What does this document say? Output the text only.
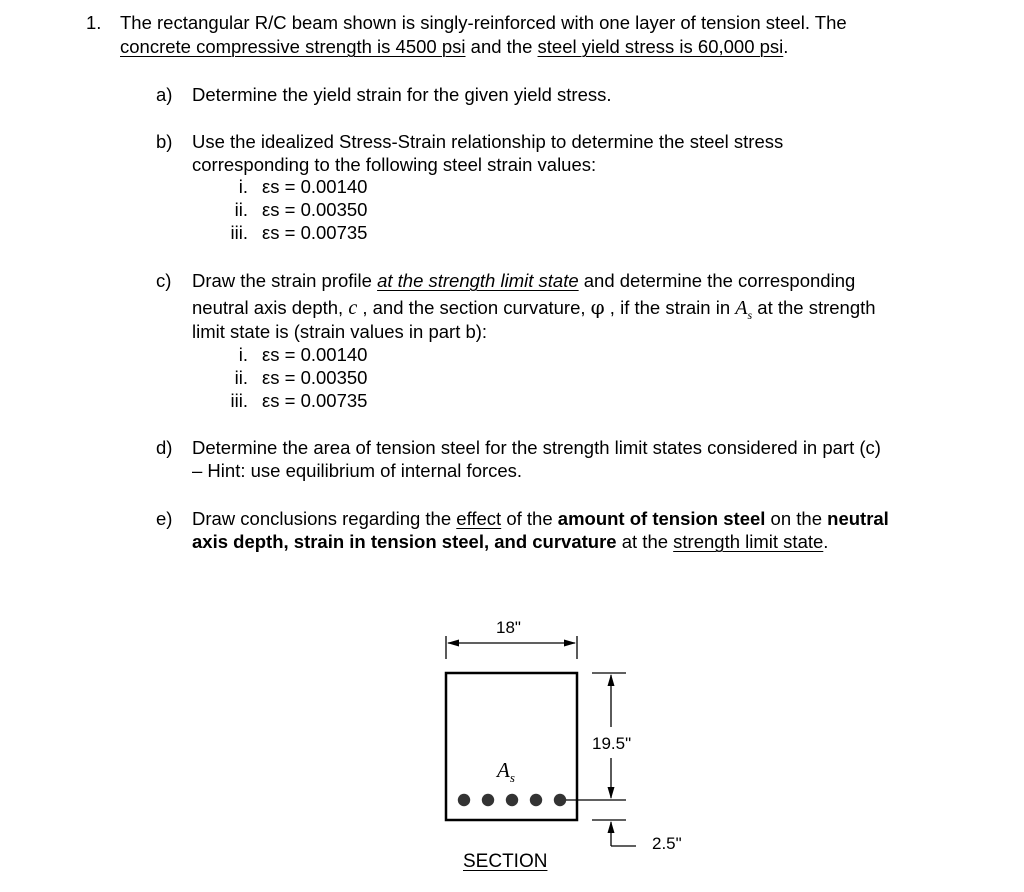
1. The rectangular R/C beam shown is singly-reinforced with one layer of tension steel. The
concrete compressive strength is 4500 psi and the steel yield stress is 60,000 psi.
a) Determine the yield strain for the given yield stress.
b) Use the idealized Stress-Strain relationship to determine the steel stress
corresponding to the following steel strain values:
i. εs = 0.00140
ii. εs = 0.00350
iii. εs = 0.00735
c) Draw the strain profile at the strength limit state and determine the corresponding
neutral axis depth, c , and the section curvature, φ , if the strain in $A_s$ at the strength
limit state is (strain values in part b):
i. εs = 0.00140
ii. εs = 0.00350
iii. εs = 0.00735
d) Determine the area of tension steel for the strength limit states considered in part (c)
– Hint: use equilibrium of internal forces.
e) Draw conclusions regarding the effect of the amount of tension steel on the neutral
axis depth, strain in tension steel, and curvature at the strength limit state.
18"
19.5"
2.5"
$A_s$
SECTION
